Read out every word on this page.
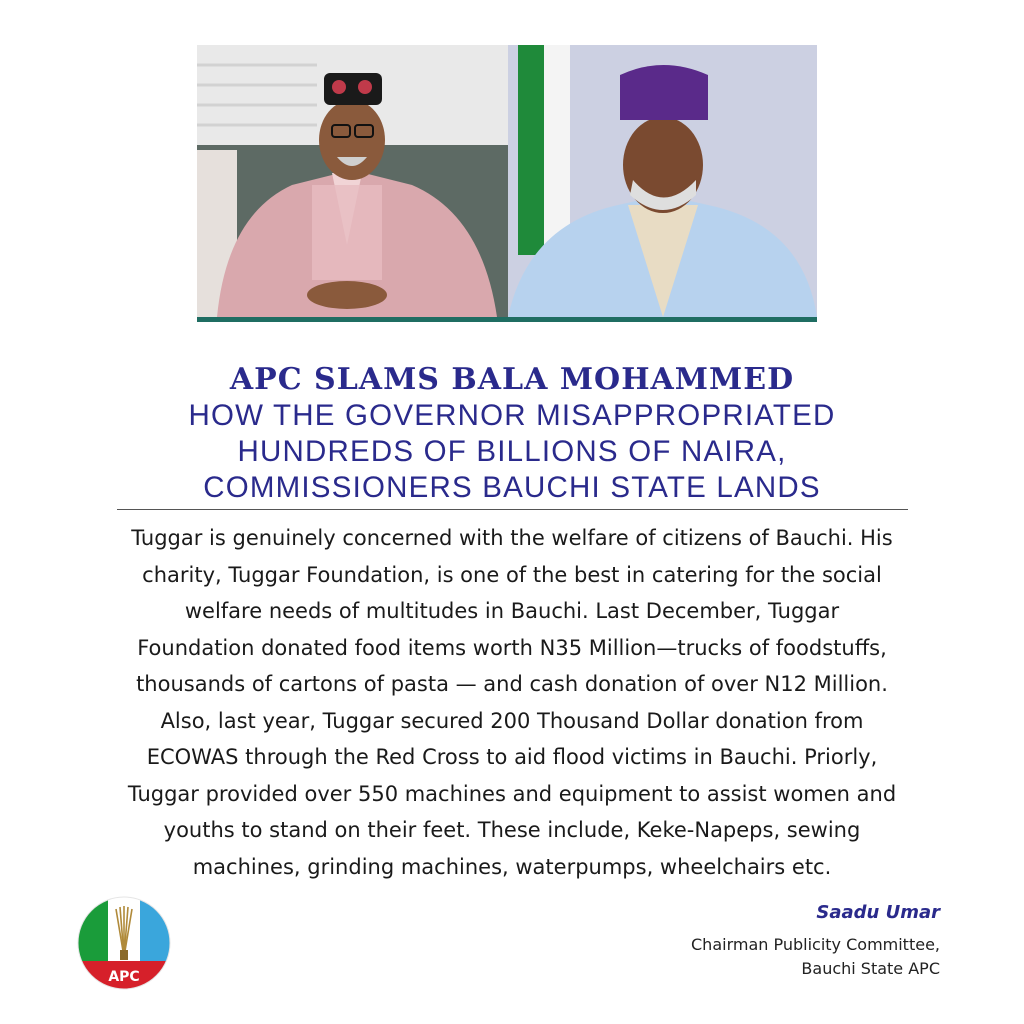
APC SLAMS BALA MOHAMMED
HOW THE GOVERNOR MISAPPROPRIATED
HUNDREDS OF BILLIONS OF NAIRA,
COMMISSIONERS BAUCHI STATE LANDS
Tuggar is genuinely concerned with the welfare of citizens of Bauchi. His
charity, Tuggar Foundation, is one of the best in catering for the social
welfare needs of multitudes in Bauchi. Last December, Tuggar
Foundation donated food items worth N35 Million—trucks of foodstuffs,
thousands of cartons of pasta — and cash donation of over N12 Million.
Also, last year, Tuggar secured 200 Thousand Dollar donation from
ECOWAS through the Red Cross to aid flood victims in Bauchi. Priorly,
Tuggar provided over 550 machines and equipment to assist women and
youths to stand on their feet. These include, Keke-Napeps, sewing
machines, grinding machines, waterpumps, wheelchairs etc.
APC
Saadu Umar
Chairman Publicity Committee,
Bauchi State APC
